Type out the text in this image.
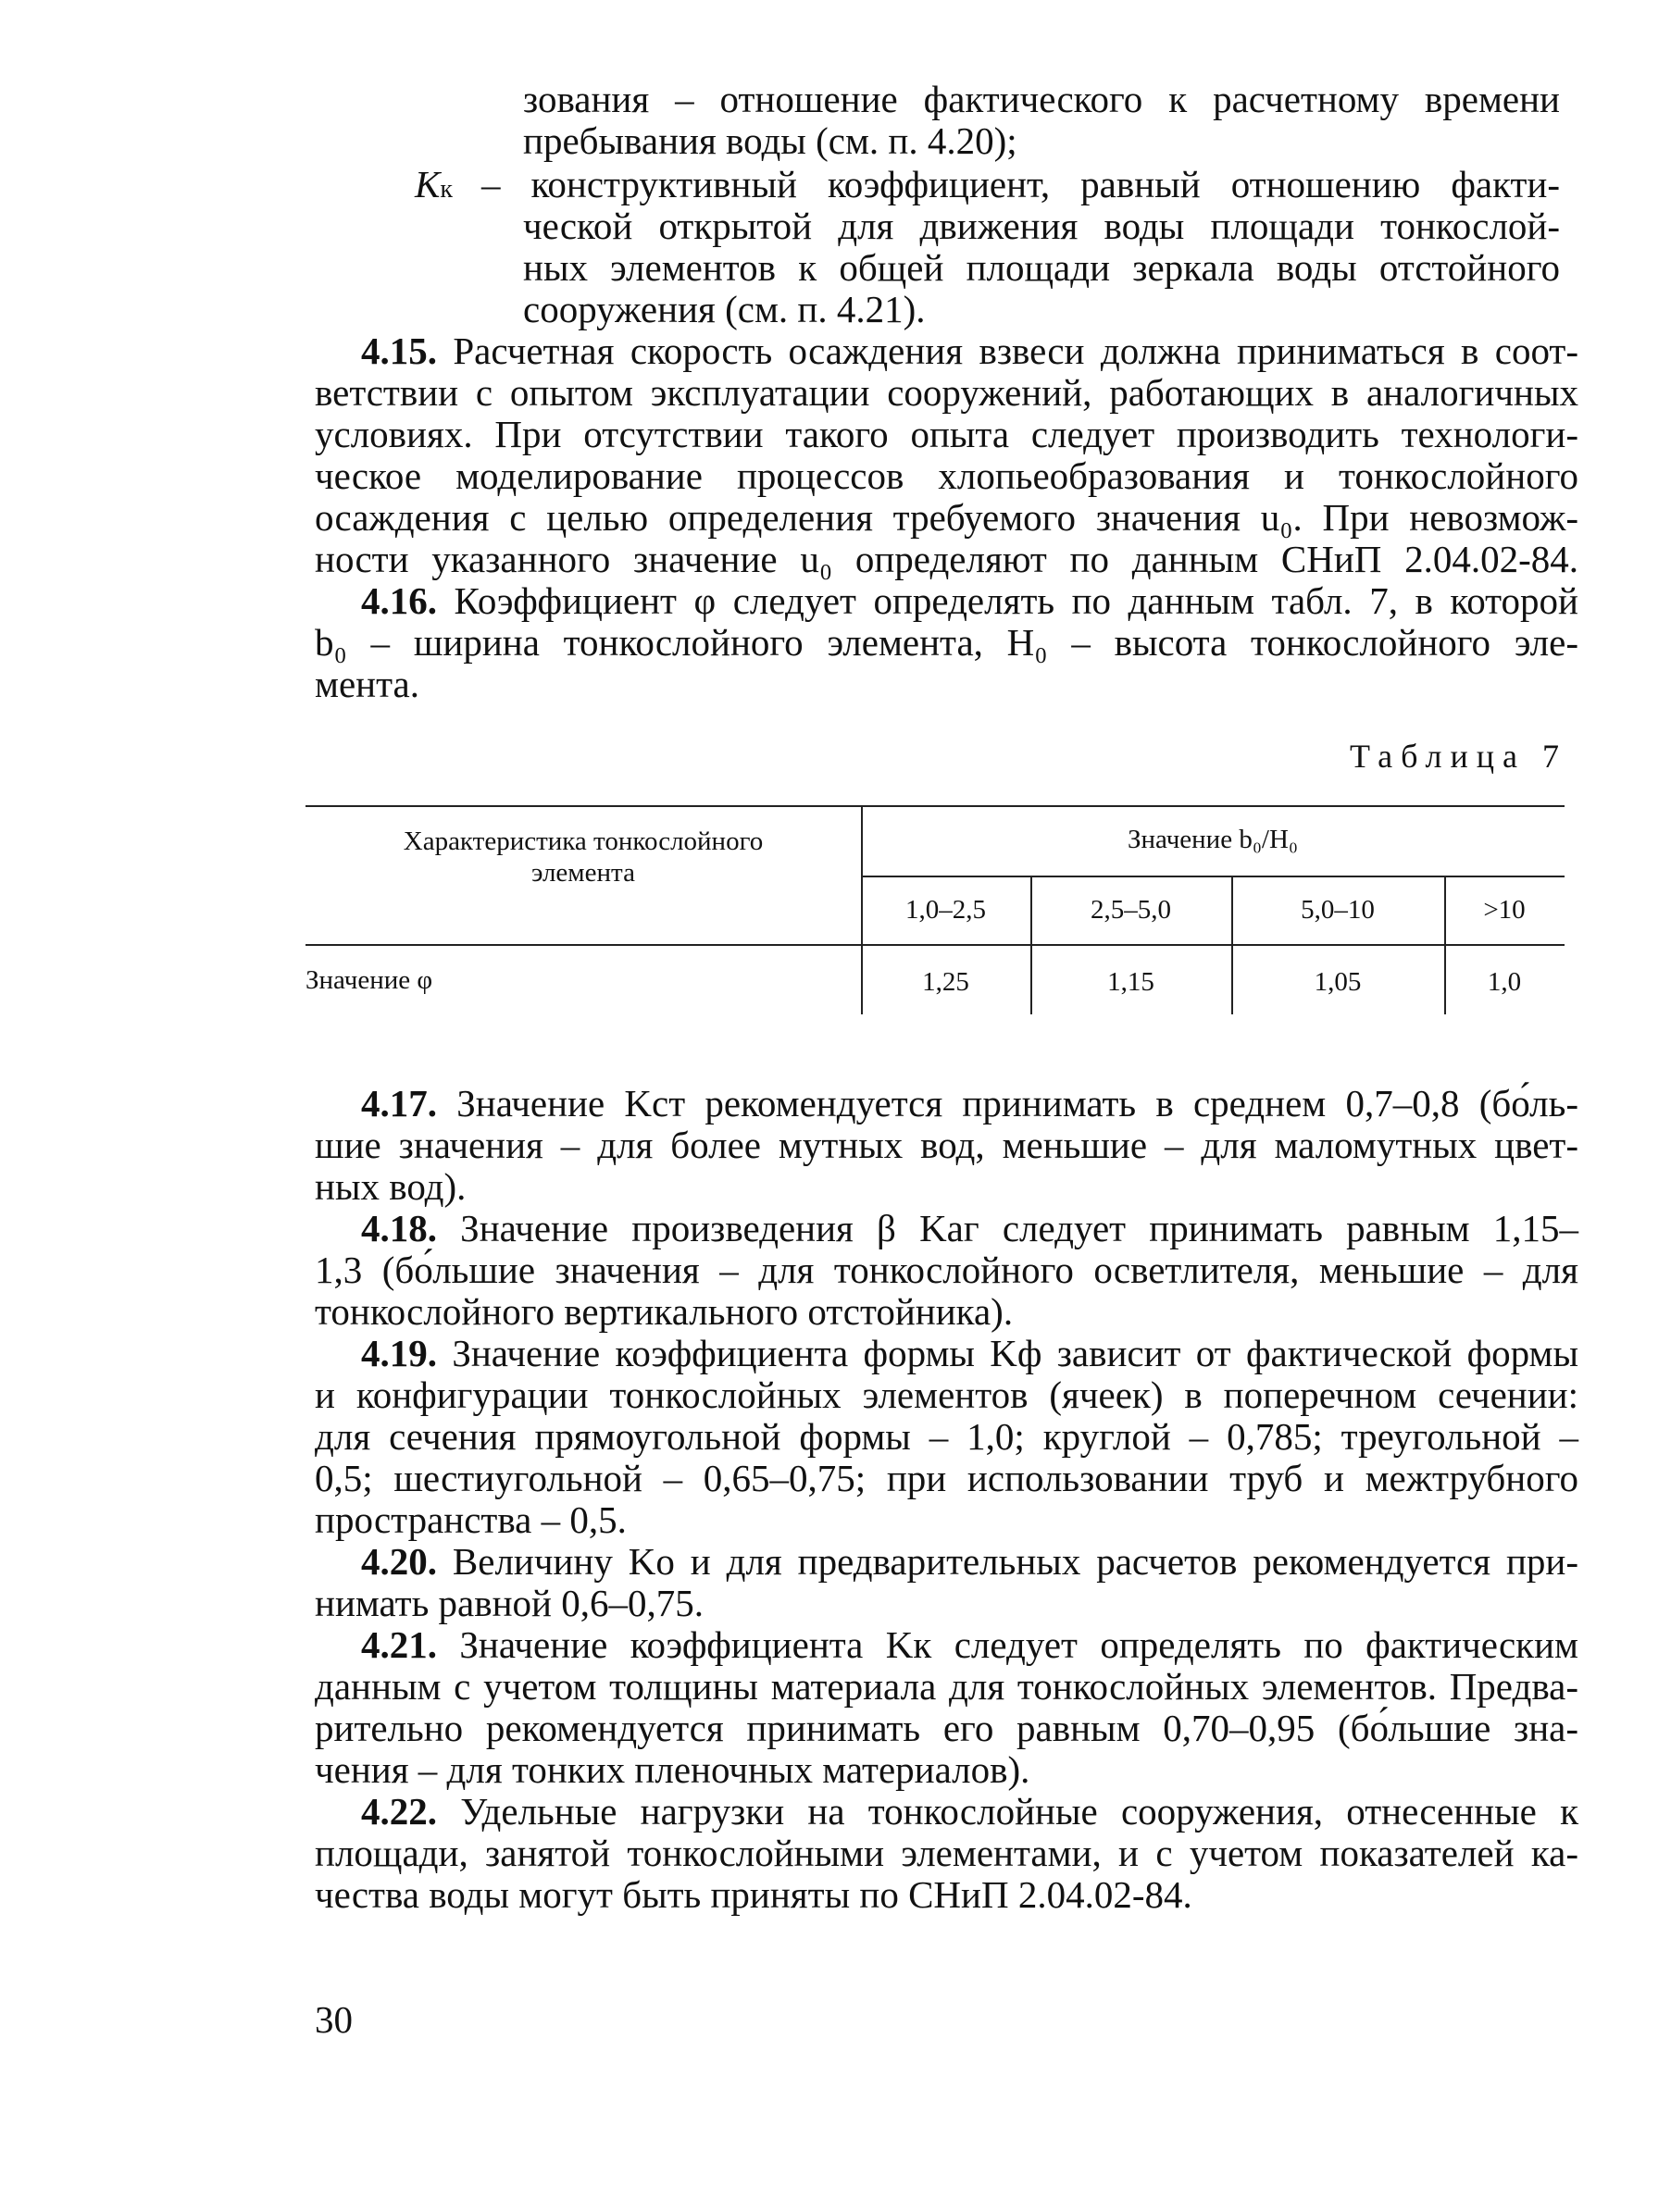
зования – отношение фактического к расчетному времени
пребывания воды (см. п. 4.20);
Kк – конструктивный коэффициент, равный отношению факти-
ческой открытой для движения воды площади тонкослой-
ных элементов к общей площади зеркала воды отстойного
сооружения (см. п. 4.21).
4.15. Расчетная скорость осаждения взвеси должна приниматься в соот-
ветствии с опытом эксплуатации сооружений, работающих в аналогичных
условиях. При отсутствии такого опыта следует производить технологи-
ческое моделирование процессов хлопьеобразования и тонкослойного
осаждения с целью определения требуемого значения u₀. При невозмож-
ности указанного значение u₀ определяют по данным СНиП 2.04.02-84.
4.16. Коэффициент φ следует определять по данным табл. 7, в которой
b₀ – ширина тонкослойного элемента, H₀ – высота тонкослойного эле-
мента.
Таблица 7
Характеристика тонкослойного элемента
Значение b₀/H₀
1,0–2,5	2,5–5,0	5,0–10	>10
Значение φ	1,25	1,15	1,05	1,0
4.17. Значение Kст рекомендуется принимать в среднем 0,7–0,8 (бо́ль-
шие значения – для более мутных вод, меньшие – для маломутных цвет-
ных вод).
4.18. Значение произведения β Kаг следует принимать равным 1,15–
1,3 (бо́льшие значения – для тонкослойного осветлителя, меньшие – для
тонкослойного вертикального отстойника).
4.19. Значение коэффициента формы Kф зависит от фактической формы
и конфигурации тонкослойных элементов (ячеек) в поперечном сечении:
для сечения прямоугольной формы – 1,0; круглой – 0,785; треугольной –
0,5; шестиугольной – 0,65–0,75; при использовании труб и межтрубного
пространства – 0,5.
4.20. Величину Kо и для предварительных расчетов рекомендуется при-
нимать равной 0,6–0,75.
4.21. Значение коэффициента Kк следует определять по фактическим
данным с учетом толщины материала для тонкослойных элементов. Предва-
рительно рекомендуется принимать его равным 0,70–0,95 (бо́льшие зна-
чения – для тонких пленочных материалов).
4.22. Удельные нагрузки на тонкослойные сооружения, отнесенные к
площади, занятой тонкослойными элементами, и с учетом показателей ка-
чества воды могут быть приняты по СНиП 2.04.02-84.
30
